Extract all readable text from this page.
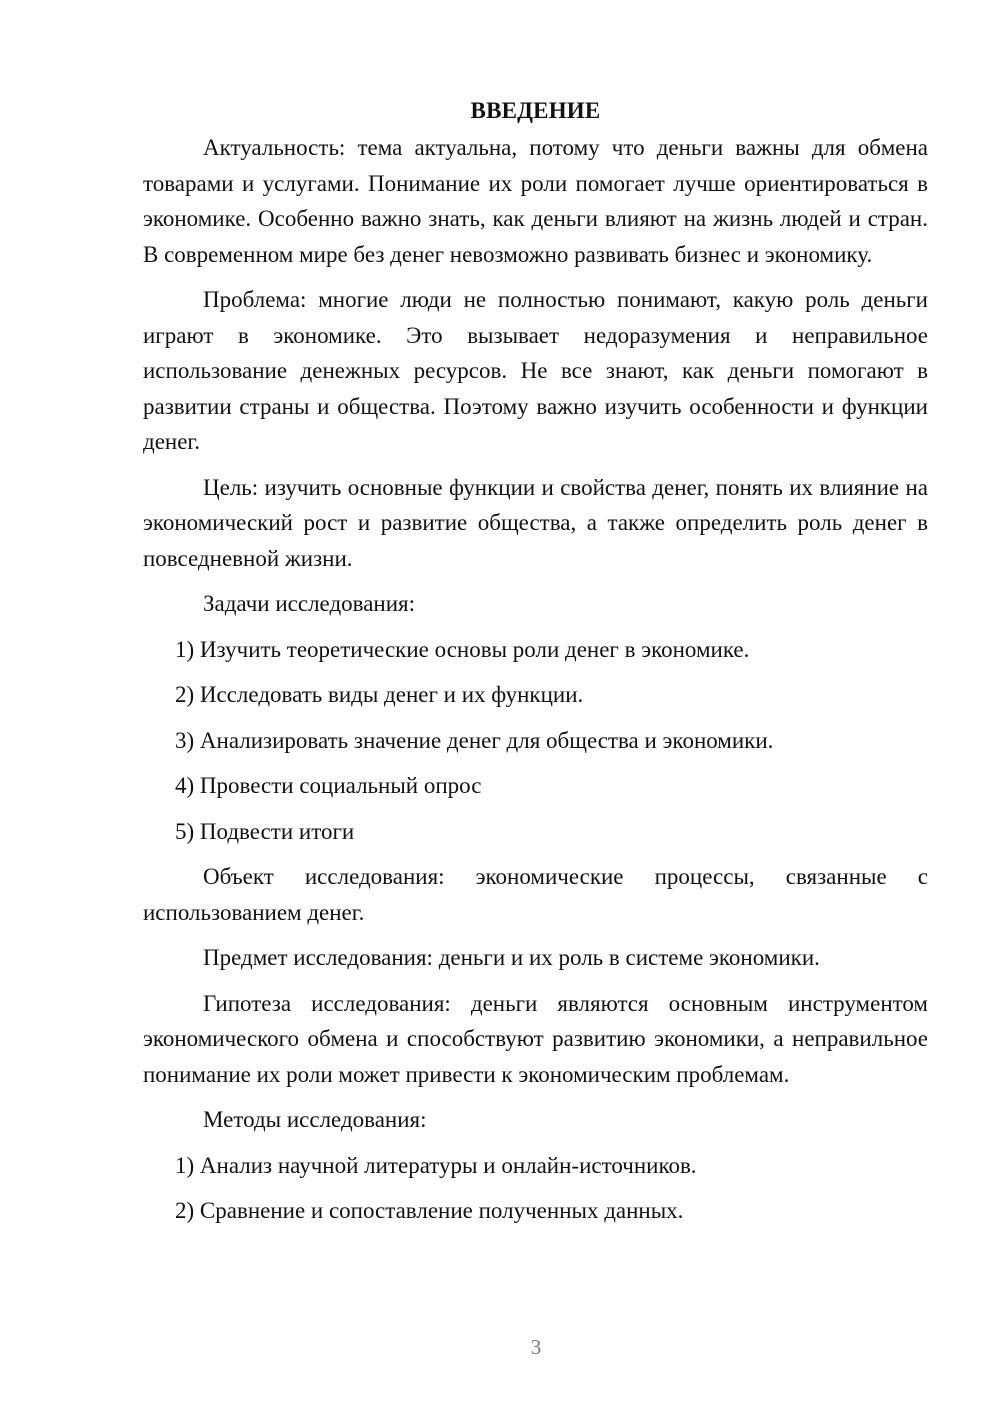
ВВЕДЕНИЕ

Актуальность: тема актуальна, потому что деньги важны для обмена товарами и услугами. Понимание их роли помогает лучше ориентироваться в экономике. Особенно важно знать, как деньги влияют на жизнь людей и стран. В современном мире без денег невозможно развивать бизнес и экономику.

Проблема: многие люди не полностью понимают, какую роль деньги играют в экономике. Это вызывает недоразумения и неправильное использование денежных ресурсов. Не все знают, как деньги помогают в развитии страны и общества. Поэтому важно изучить особенности и функции денег.

Цель: изучить основные функции и свойства денег, понять их влияние на экономический рост и развитие общества, а также определить роль денег в повседневной жизни.

Задачи исследования:

1) Изучить теоретические основы роли денег в экономике.

2) Исследовать виды денег и их функции.

3) Анализировать значение денег для общества и экономики.

4) Провести социальный опрос

5) Подвести итоги

Объект исследования: экономические процессы, связанные с использованием денег.

Предмет исследования: деньги и их роль в системе экономики.

Гипотеза исследования: деньги являются основным инструментом экономического обмена и способствуют развитию экономики, а неправильное понимание их роли может привести к экономическим проблемам.

Методы исследования:

1) Анализ научной литературы и онлайн-источников.

2) Сравнение и сопоставление полученных данных.

3
